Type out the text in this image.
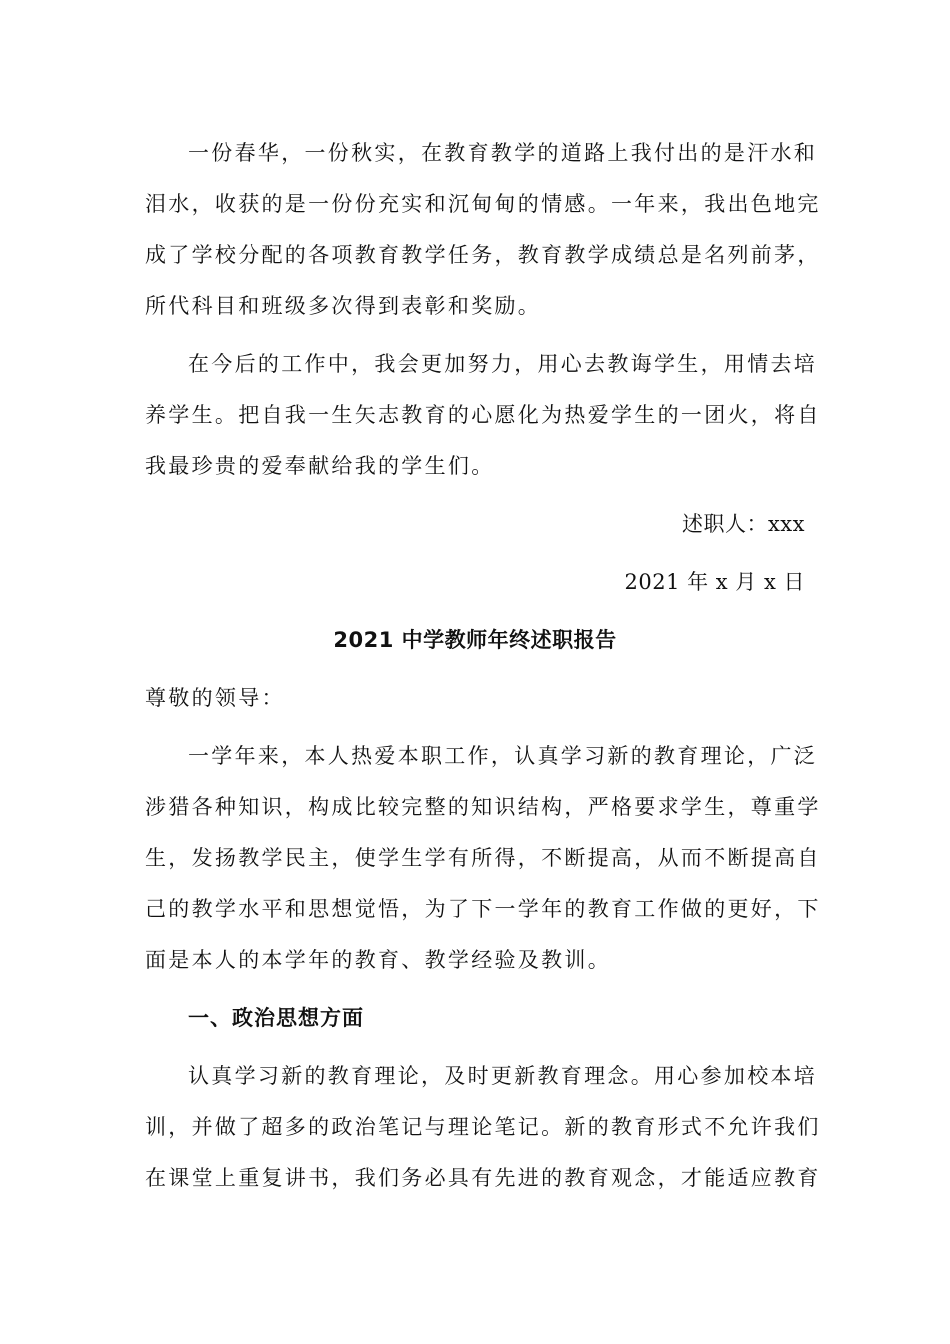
一份春华，一份秋实，在教育教学的道路上我付出的是汗水和
泪水，收获的是一份份充实和沉甸甸的情感。一年来，我出色地完
成了学校分配的各项教育教学任务，教育教学成绩总是名列前茅，
所代科目和班级多次得到表彰和奖励。
在今后的工作中，我会更加努力，用心去教诲学生，用情去培
养学生。把自我一生矢志教育的心愿化为热爱学生的一团火，将自
我最珍贵的爱奉献给我的学生们。
述职人：xxx
2021 年 x 月 x 日
2021 中学教师年终述职报告
尊敬的领导：
一学年来，本人热爱本职工作，认真学习新的教育理论，广泛
涉猎各种知识，构成比较完整的知识结构，严格要求学生，尊重学
生，发扬教学民主，使学生学有所得，不断提高，从而不断提高自
己的教学水平和思想觉悟，为了下一学年的教育工作做的更好，下
面是本人的本学年的教育、教学经验及教训。
一、政治思想方面
认真学习新的教育理论，及时更新教育理念。用心参加校本培
训，并做了超多的政治笔记与理论笔记。新的教育形式不允许我们
在课堂上重复讲书，我们务必具有先进的教育观念，才能适应教育
